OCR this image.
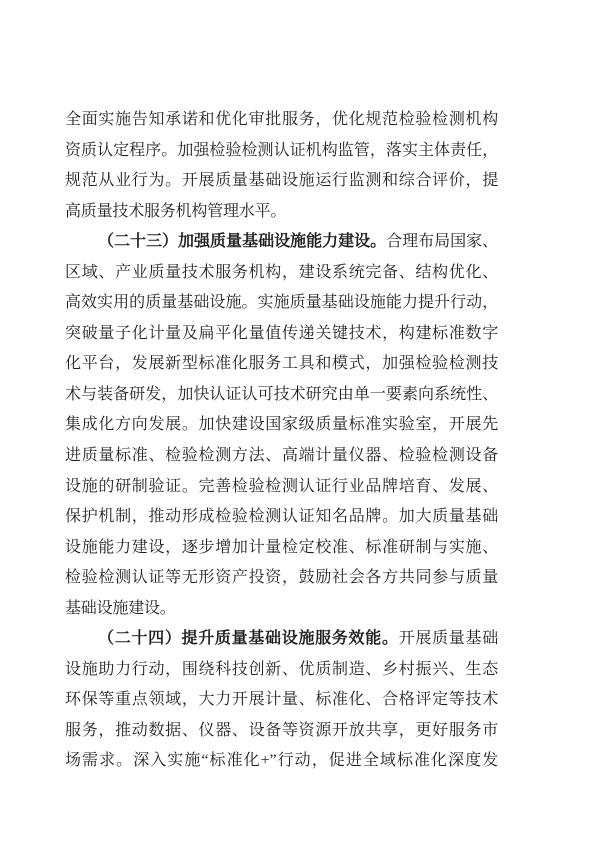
全面实施告知承诺和优化审批服务，优化规范检验检测机构
资质认定程序。加强检验检测认证机构监管，落实主体责任，
规范从业行为。开展质量基础设施运行监测和综合评价，提
高质量技术服务机构管理水平。
（二十三）加强质量基础设施能力建设。合理布局国家、
区域、产业质量技术服务机构，建设系统完备、结构优化、
高效实用的质量基础设施。实施质量基础设施能力提升行动，
突破量子化计量及扁平化量值传递关键技术，构建标准数字
化平台，发展新型标准化服务工具和模式，加强检验检测技
术与装备研发，加快认证认可技术研究由单一要素向系统性、
集成化方向发展。加快建设国家级质量标准实验室，开展先
进质量标准、检验检测方法、高端计量仪器、检验检测设备
设施的研制验证。完善检验检测认证行业品牌培育、发展、
保护机制，推动形成检验检测认证知名品牌。加大质量基础
设施能力建设，逐步增加计量检定校准、标准研制与实施、
检验检测认证等无形资产投资，鼓励社会各方共同参与质量
基础设施建设。
（二十四）提升质量基础设施服务效能。开展质量基础
设施助力行动，围绕科技创新、优质制造、乡村振兴、生态
环保等重点领域，大力开展计量、标准化、合格评定等技术
服务，推动数据、仪器、设备等资源开放共享，更好服务市
场需求。深入实施“标准化+”行动，促进全域标准化深度发
